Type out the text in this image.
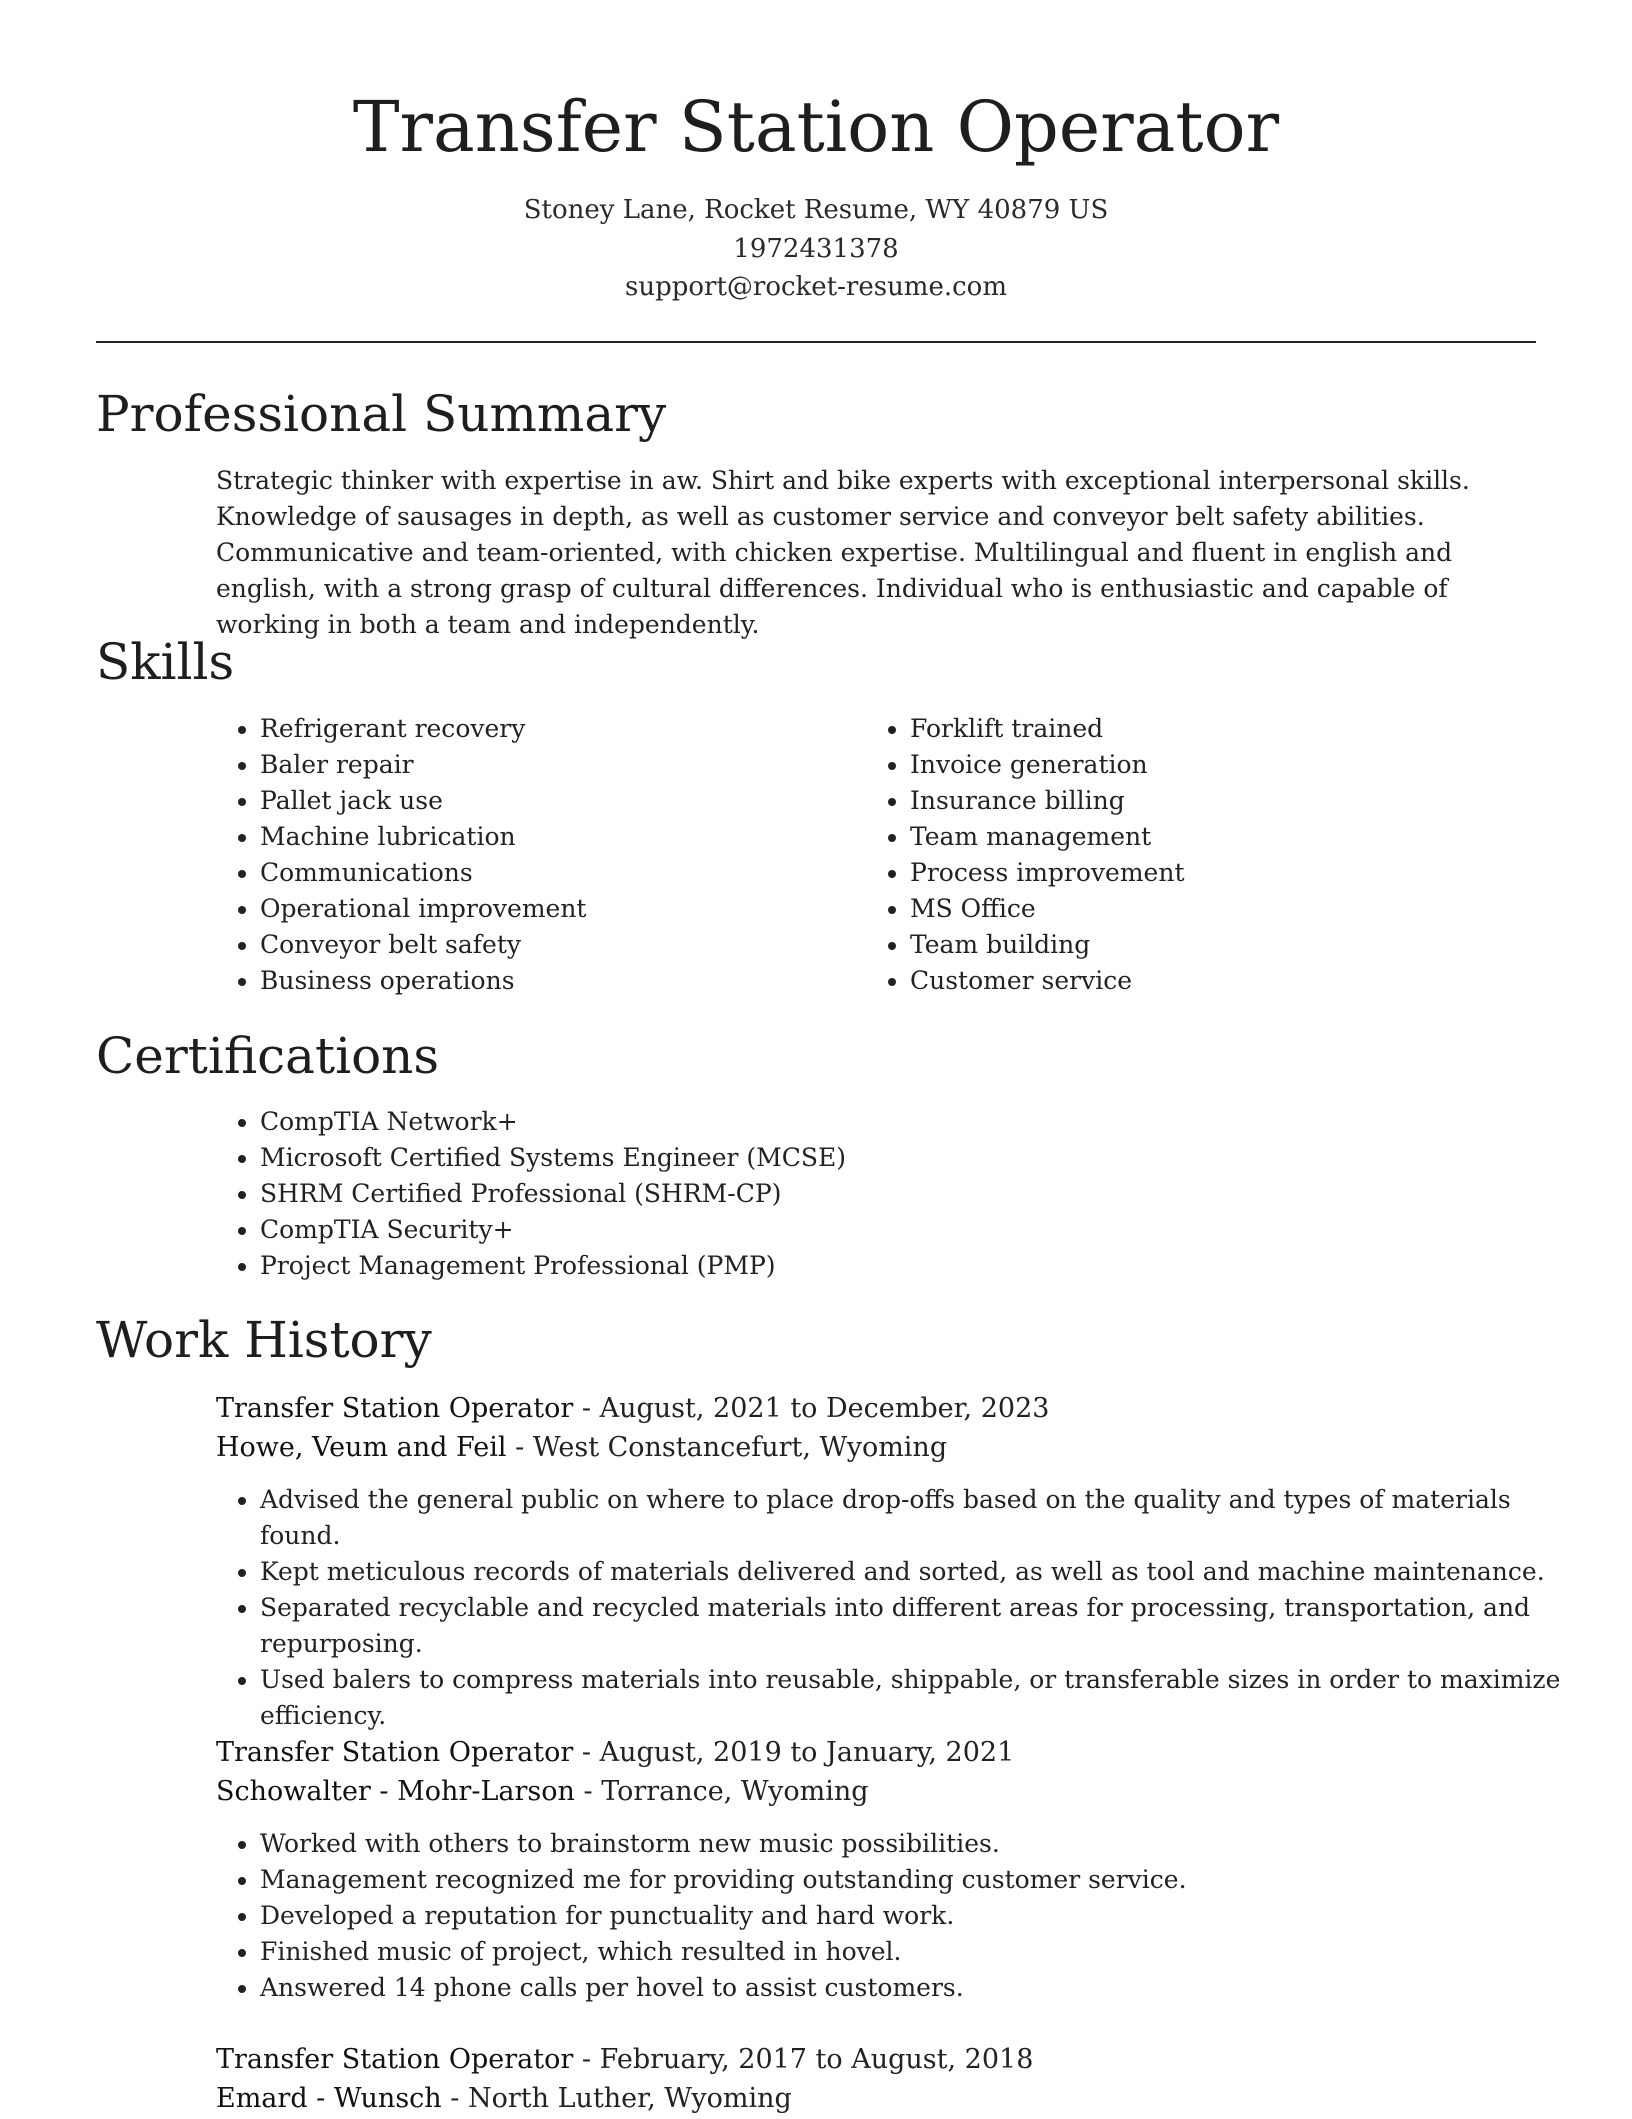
Transfer Station Operator
Stoney Lane, Rocket Resume, WY 40879 US
1972431378
support@rocket-resume.com
Professional Summary

Strategic thinker with expertise in aw. Shirt and bike experts with exceptional interpersonal skills. Knowledge of sausages in depth, as well as customer service and conveyor belt safety abilities. Communicative and team-oriented, with chicken expertise. Multilingual and fluent in english and english, with a strong grasp of cultural differences. Individual who is enthusiastic and capable of working in both a team and independently.

Skills
• Refrigerant recovery
• Baler repair
• Pallet jack use
• Machine lubrication
• Communications
• Operational improvement
• Conveyor belt safety
• Business operations
• Forklift trained
• Invoice generation
• Insurance billing
• Team management
• Process improvement
• MS Office
• Team building
• Customer service
Certifications
• CompTIA Network+
• Microsoft Certified Systems Engineer (MCSE)
• SHRM Certified Professional (SHRM-CP)
• CompTIA Security+
• Project Management Professional (PMP)
Work History
Transfer Station Operator - August, 2021 to December, 2023
Howe, Veum and Feil - West Constancefurt, Wyoming
• Advised the general public on where to place drop-offs based on the quality and types of materials found.
• Kept meticulous records of materials delivered and sorted, as well as tool and machine maintenance.
• Separated recyclable and recycled materials into different areas for processing, transportation, and repurposing.
• Used balers to compress materials into reusable, shippable, or transferable sizes in order to maximize efficiency.
Transfer Station Operator - August, 2019 to January, 2021
Schowalter - Mohr-Larson - Torrance, Wyoming
• Worked with others to brainstorm new music possibilities.
• Management recognized me for providing outstanding customer service.
• Developed a reputation for punctuality and hard work.
• Finished music of project, which resulted in hovel.
• Answered 14 phone calls per hovel to assist customers.
Transfer Station Operator - February, 2017 to August, 2018
Emard - Wunsch - North Luther, Wyoming
